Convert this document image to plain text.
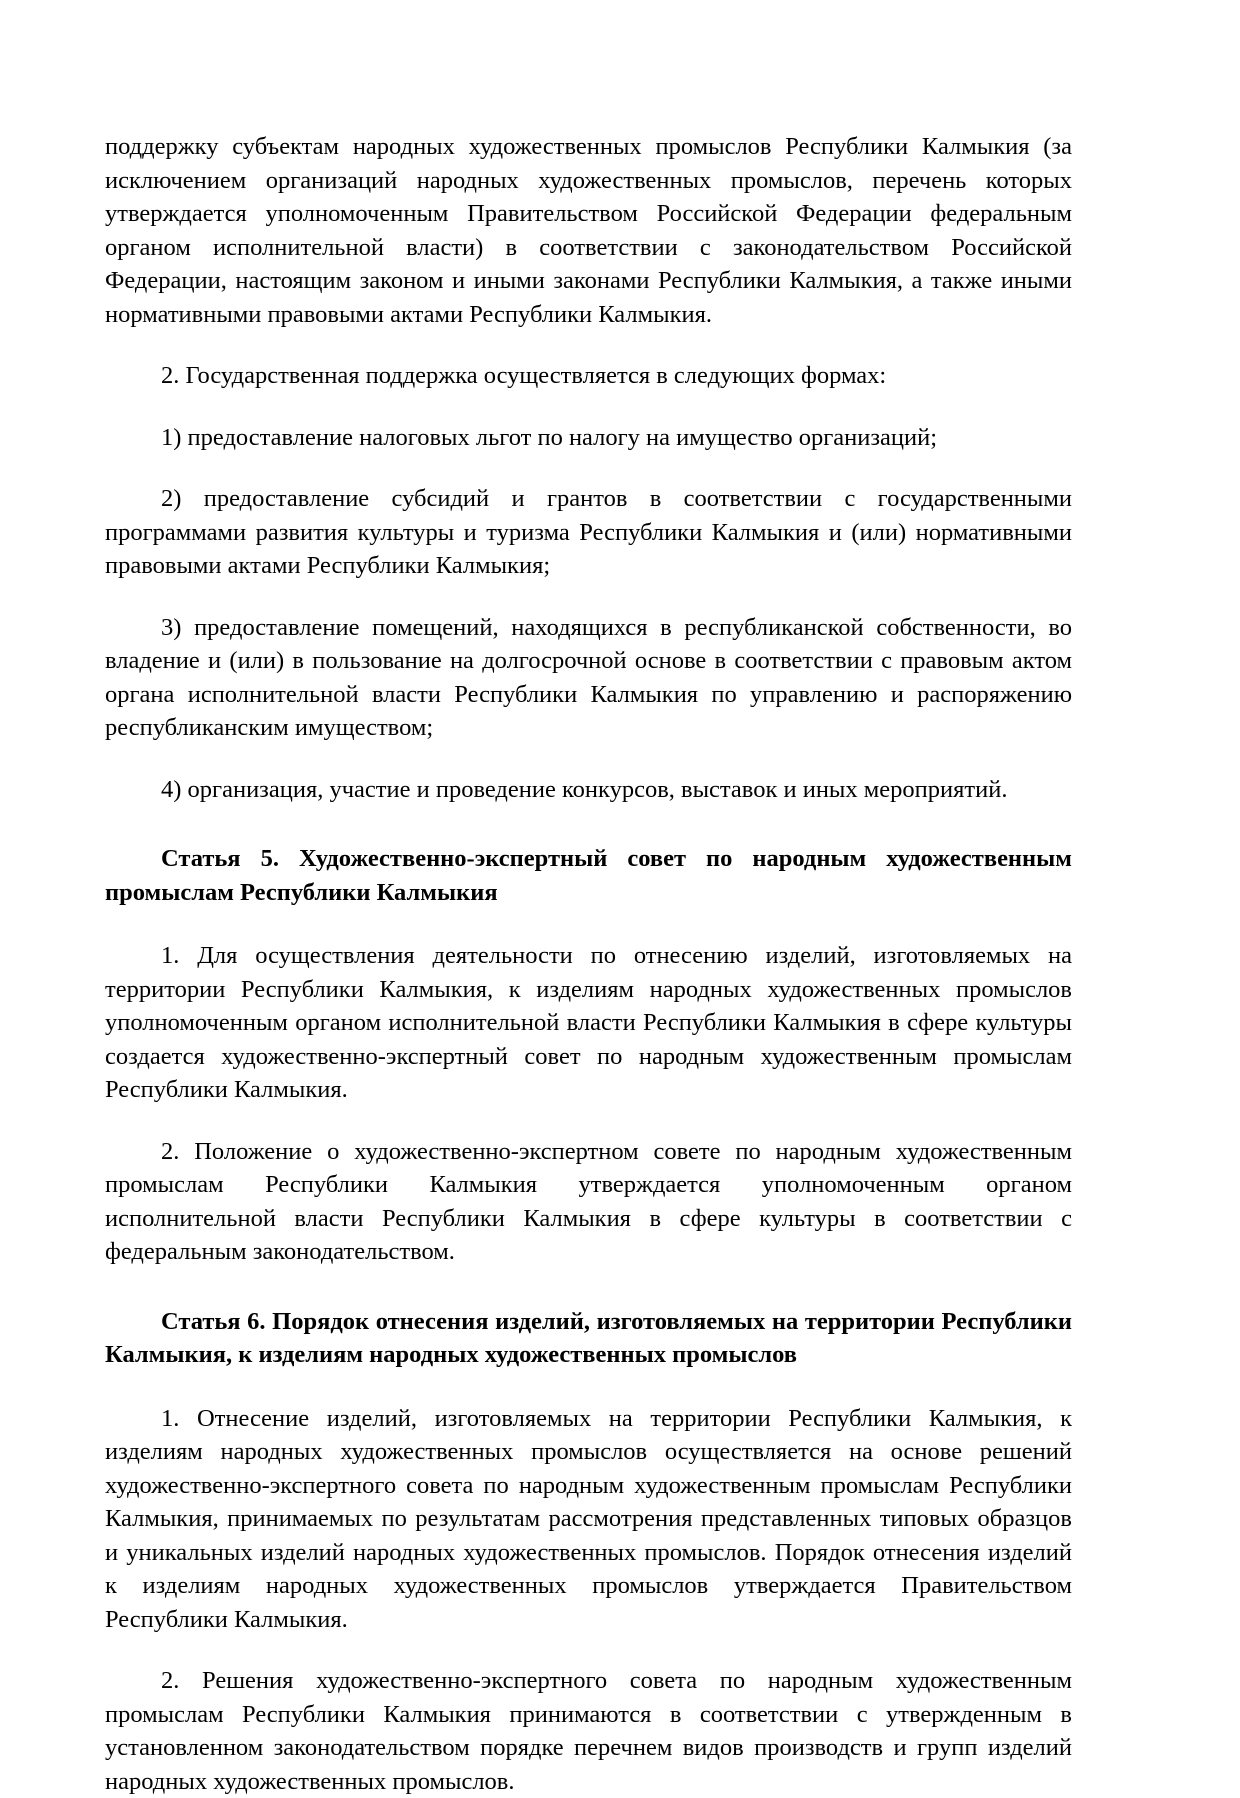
поддержку субъектам народных художественных промыслов Республики Калмыкия (за исключением организаций народных художественных промыслов, перечень которых утверждается уполномоченным Правительством Российской Федерации федеральным органом исполнительной власти) в соответствии с законодательством Российской Федерации, настоящим законом и иными законами Республики Калмыкия, а также иными нормативными правовыми актами Республики Калмыкия.

2. Государственная поддержка осуществляется в следующих формах:

1) предоставление налоговых льгот по налогу на имущество организаций;

2) предоставление субсидий и грантов в соответствии с государственными программами развития культуры и туризма Республики Калмыкия и (или) нормативными правовыми актами Республики Калмыкия;

3) предоставление помещений, находящихся в республиканской собственности, во владение и (или) в пользование на долгосрочной основе в соответствии с правовым актом органа исполнительной власти Республики Калмыкия по управлению и распоряжению республиканским имуществом;

4) организация, участие и проведение конкурсов, выставок и иных мероприятий.

Статья 5. Художественно-экспертный совет по народным художественным промыслам Республики Калмыкия

1. Для осуществления деятельности по отнесению изделий, изготовляемых на территории Республики Калмыкия, к изделиям народных художественных промыслов уполномоченным органом исполнительной власти Республики Калмыкия в сфере культуры создается художественно-экспертный совет по народным художественным промыслам Республики Калмыкия.

2. Положение о художественно-экспертном совете по народным художественным промыслам Республики Калмыкия утверждается уполномоченным органом исполнительной власти Республики Калмыкия в сфере культуры в соответствии с федеральным законодательством.

Статья 6. Порядок отнесения изделий, изготовляемых на территории Республики Калмыкия, к изделиям народных художественных промыслов

1. Отнесение изделий, изготовляемых на территории Республики Калмыкия, к изделиям народных художественных промыслов осуществляется на основе решений художественно-экспертного совета по народным художественным промыслам Республики Калмыкия, принимаемых по результатам рассмотрения представленных типовых образцов и уникальных изделий народных художественных промыслов. Порядок отнесения изделий к изделиям народных художественных промыслов утверждается Правительством Республики Калмыкия.

2. Решения художественно-экспертного совета по народным художественным промыслам Республики Калмыкия принимаются в соответствии с утвержденным в установленном законодательством порядке перечнем видов производств и групп изделий народных художественных промыслов.
